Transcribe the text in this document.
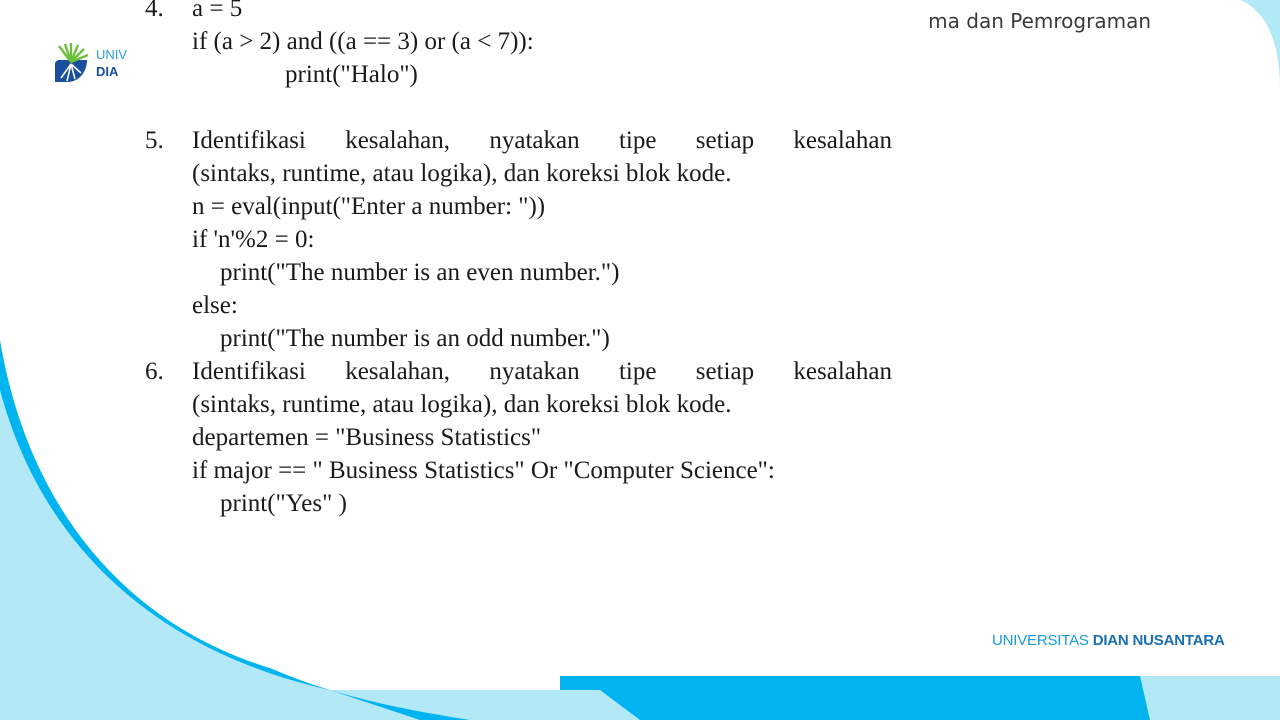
ma dan Pemrograman
UNIV
DIA
4. a = 5
if (a > 2) and ((a == 3) or (a < 7)):
print("Halo")
5. Identifikasi kesalahan, nyatakan tipe setiap kesalahan
(sintaks, runtime, atau logika), dan koreksi blok kode.
n = eval(input("Enter a number: "))
if 'n'%2 = 0:
print("The number is an even number.")
else:
print("The number is an odd number.")
6. Identifikasi kesalahan, nyatakan tipe setiap kesalahan
(sintaks, runtime, atau logika), dan koreksi blok kode.
departemen = "Business Statistics"
if major == " Business Statistics" Or "Computer Science":
print("Yes" )
UNIVERSITAS DIAN NUSANTARA
